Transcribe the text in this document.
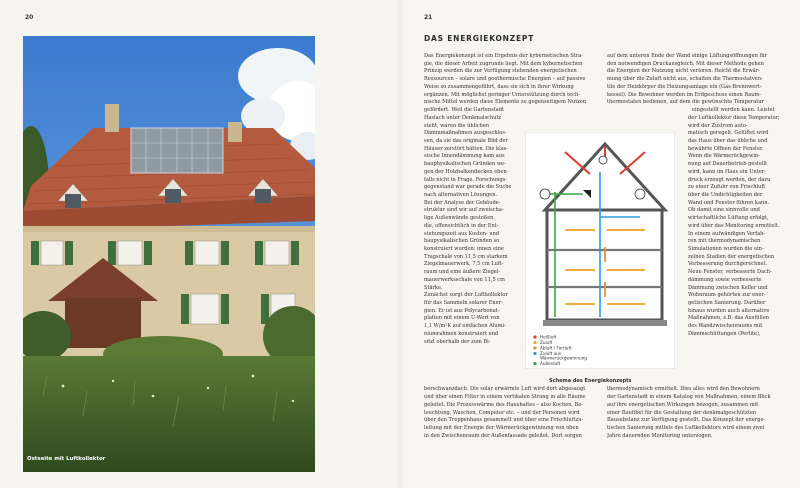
20	21
Ostseite mit Luftkollektor
DAS ENERGIEKONZEPT
Das Energiekonzept ist ein Ergebnis der kybernetischen Stra-
gie, die dieser Arbeit zugrunde liegt. Mit dem kybernetischen
Prinzip werden die zur Verfügung stehenden energetischen
Ressourcen – solare und goethermische Energien – auf passive
Weise so zusammengeführt, dass sie sich in ihrer Wirkung
ergänzen. Mit möglichst geringer Unterstützung durch tech-
nische Mittel werden diese Elemente zu gegenseitigem Nutzen
gefördert. Weil die Gartenstadt
Haslach unter Denkmalschutz
steht, waren die üblichen
Dämmmaßnahmen ausgeschlos-
sen, da sie das originale Bild der
Häuser zerstört hätten. Die klas-
sische Innendämmung kam aus
bauphysikalischen Gründen we-
gen der Holzbalkendecken eben-
falls nicht in Frage. Forschungs-
gegenstand war gerade die Suche
nach alternativen Lösungen.
Bei der Analyse der Gebäude-
struktur sind wir auf zweischa-
lige Außenwände gestoßen,
die, offensichtlich in der Ent-
stehungszeit aus Kosten- und
baupysikalischen Gründen so
konstruiert wurden: innen eine
Tragschale von 11,5 cm starkem
Ziegelmauerwerk, 7,5 cm Luft-
raum und eine äußere Ziegel-
mauerwerksschale von 11,5 cm
Stärke.
Zunächst sorgt der Luftkollektor
für das Sammeln solarer Ener-
gien. Er ist aus Polycarbonat-
platten mit einem U-Wert von
1,1 W/m²K auf einfachen Alumi-
niumrahmen konstruiert und
sitzt oberhalb der zum Bi-
berschwanzdach. Die solar erwärmte Luft wird dort abgesaugt
und über einen Filter in einem vertikalen Strang in alle Räume
geleitet. Die Prozesswärme des Haushaltes – also Kochen, Be-
leuchtung, Waschen, Computer etc. – und der Personen wird
über den Treppenhaus gesammelt und über eine Frischluftzu-
leitung mit der Energie der Wärmerückgewinnung von oben
in den Zwischenraum der Außenfassade geleitet. Dort sorgen
auf dem unteren Ende der Wand einige Lüftungsöffnungen für
den notwendigen Druckausgleich. Mit dieser Methode gehen
die Energien der Nutzung nicht verloren. Reicht die Erwär-
mung über die Zuluft nicht aus, schalten die Thermostatven-
tile der Heizkörper die Heizungsanlage ein (Gas-Brennwert-
kessel). Die Bewohner werden im Erdgeschoss einen Raum-
thermostaten bedienen, auf dem die gewünschte Temperatur
eingestellt werden kann. Leistet
der Luftkollektor diese Temperatur,
wird der Zustrom auto-
matisch geregelt. Gelüftet wird
das Haus über das übliche und
bewährte Öffnen der Fenster.
Wenn die Wärmerückgewin-
nung auf Dauerbetrieb gestellt
wird, kann im Haus ein Unter-
druck erzeugt werden, der dazu
zu einer Zufuhr von Frischluft
über die Undichtigkeiten der
Wand und Fenster führen kann.
Ob damit eine sinnvolle und
wirtschaftliche Lüftung erfolgt,
wird über das Monitoring ermittelt.
In einem aufwändigen Verfah-
ren mit thermodynamischen
Simulationen wurden die ein-
zelnen Stadien der energetischen
Verbesserung durchgerechnet.
Neue Fenster, verbesserte Dach-
dämmung sowie verbesserte
Dämmung zwischen Keller und
Wohnraum gehörten zur ener-
getischen Sanierung. Darüber
hinaus wurden auch alternative
Maßnahmen, z.B. das Ausfüllen
des Wandzwischenraums mit
Dämmschüttungen (Perlite),
thermodynamisch ermittelt. Dies alles wird den Bewohnern
der Gartenstadt in einem Katalog von Maßnahmen, einem Blick
auf ihre energetischen Wirkungen bezogen, zusammen mit
einer Baufibel für die Gestaltung der denkmalgeschützten
Bausubstanz zur Verfügung gestellt. Das Konzept der energe-
tischen Sanierung mittels des Luftkollektors wird einem zwei
Jahre dauernden Monitoring unterzogen.
Heißluft
Zuluft
Abluft / Fortluft
Zuluft aus
Wärmerückgewinnung
Außenluft
Schema des Energiekonzepts
